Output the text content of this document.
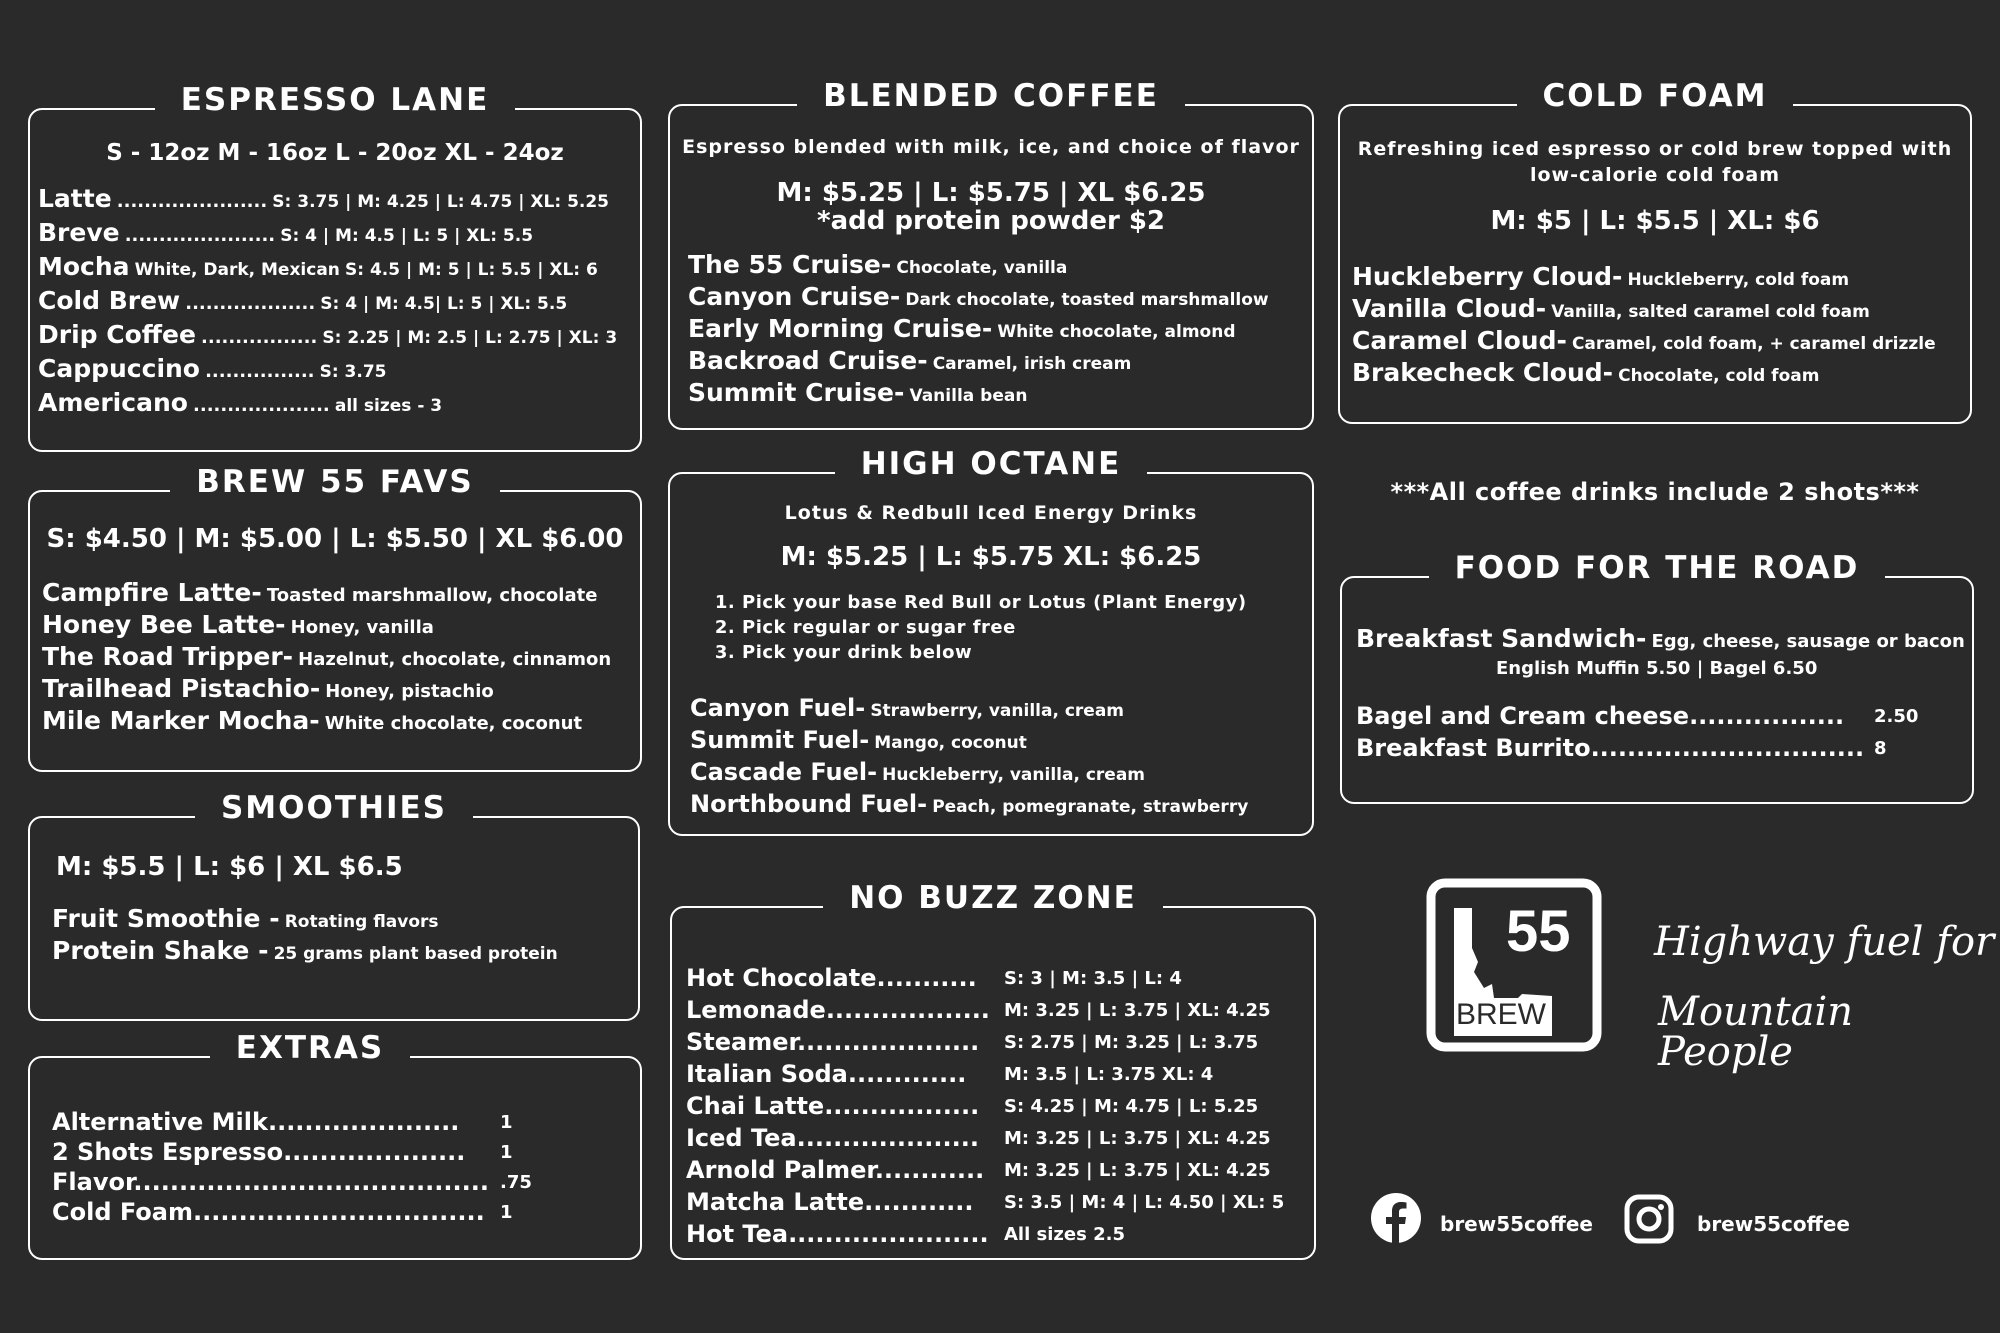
ESPRESSO LANE
S - 12oz M - 16oz L - 20oz XL - 24oz
Latte ...................... S: 3.75 | M: 4.25 | L: 4.75 | XL: 5.25
Breve ...................... S: 4 | M: 4.5 | L: 5 | XL: 5.5
Mocha White, Dark, Mexican S: 4.5 | M: 5 | L: 5.5 | XL: 6
Cold Brew ................... S: 4 | M: 4.5| L: 5 | XL: 5.5
Drip Coffee ................. S: 2.25 | M: 2.5 | L: 2.75 | XL: 3
Cappuccino ................ S: 3.75
Americano .................... all sizes - 3
BREW 55 FAVS
S: $4.50 | M: $5.00 | L: $5.50 | XL $6.00
Campfire Latte- Toasted marshmallow, chocolate
Honey Bee Latte- Honey, vanilla
The Road Tripper- Hazelnut, chocolate, cinnamon
Trailhead Pistachio- Honey, pistachio
Mile Marker Mocha- White chocolate, coconut
SMOOTHIES
M: $5.5 | L: $6 | XL $6.5
Fruit Smoothie - Rotating flavors
Protein Shake - 25 grams plant based protein
EXTRAS
Alternative Milk..................... 1
2 Shots Espresso.................... 1
Flavor....................................... .75
Cold Foam................................ 1
BLENDED COFFEE
Espresso blended with milk, ice, and choice of flavor
M: $5.25 | L: $5.75 | XL $6.25
*add protein powder $2
The 55 Cruise- Chocolate, vanilla
Canyon Cruise- Dark chocolate, toasted marshmallow
Early Morning Cruise- White chocolate, almond
Backroad Cruise- Caramel, irish cream
Summit Cruise- Vanilla bean
HIGH OCTANE
Lotus & Redbull Iced Energy Drinks
M: $5.25 | L: $5.75 XL: $6.25
1. Pick your base Red Bull or Lotus (Plant Energy)
2. Pick regular or sugar free
3. Pick your drink below
Canyon Fuel- Strawberry, vanilla, cream
Summit Fuel- Mango, coconut
Cascade Fuel- Huckleberry, vanilla, cream
Northbound Fuel- Peach, pomegranate, strawberry
NO BUZZ ZONE
Hot Chocolate........... S: 3 | M: 3.5 | L: 4
Lemonade.................. M: 3.25 | L: 3.75 | XL: 4.25
Steamer.................... S: 2.75 | M: 3.25 | L: 3.75
Italian Soda............. M: 3.5 | L: 3.75 XL: 4
Chai Latte................. S: 4.25 | M: 4.75 | L: 5.25
Iced Tea.................... M: 3.25 | L: 3.75 | XL: 4.25
Arnold Palmer............ M: 3.25 | L: 3.75 | XL: 4.25
Matcha Latte............ S: 3.5 | M: 4 | L: 4.50 | XL: 5
Hot Tea...................... All sizes 2.5
COLD FOAM
Refreshing iced espresso or cold brew topped with
low-calorie cold foam
M: $5 | L: $5.5 | XL: $6
Huckleberry Cloud- Huckleberry, cold foam
Vanilla Cloud- Vanilla, salted caramel cold foam
Caramel Cloud- Caramel, cold foam, + caramel drizzle
Brakecheck Cloud- Chocolate, cold foam
***All coffee drinks include 2 shots***
FOOD FOR THE ROAD
Breakfast Sandwich- Egg, cheese, sausage or bacon
English Muffin 5.50 | Bagel 6.50
Bagel and Cream cheese................. 2.50
Breakfast Burrito.............................. 8
55
BREW
Highway fuel for
Mountain People
brew55coffee	brew55coffee
